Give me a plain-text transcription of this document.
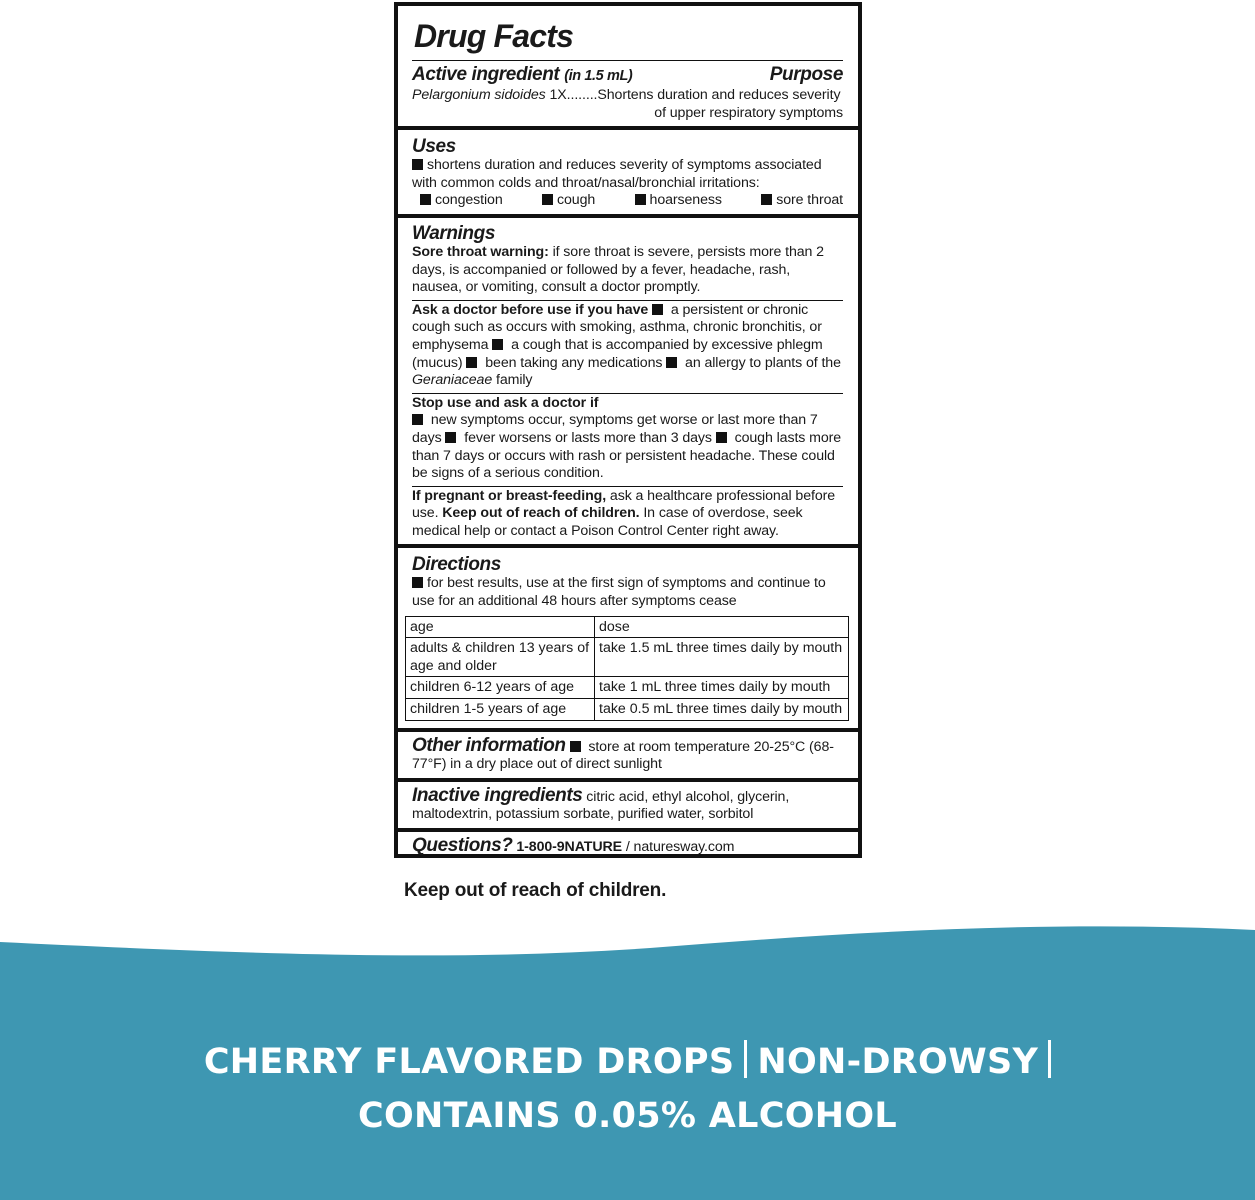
Drug Facts
Active ingredient (in 1.5 mL)	Purpose
Pelargonium sidoides 1X........Shortens duration and reduces severity
of upper respiratory symptoms
Uses
shortens duration and reduces severity of symptoms associated with common colds and throat/nasal/bronchial irritations:
congestion	cough	hoarseness	sore throat
Warnings
Sore throat warning: if sore throat is severe, persists more than 2 days, is accompanied or followed by a fever, headache, rash, nausea, or vomiting, consult a doctor promptly.
Ask a doctor before use if you have  a persistent or chronic cough such as occurs with smoking, asthma, chronic bronchitis, or emphysema  a cough that is accompanied by excessive phlegm (mucus)  been taking any medications  an allergy to plants of the Geraniaceae family
Stop use and ask a doctor if
new symptoms occur, symptoms get worse or last more than 7 days  fever worsens or lasts more than 3 days  cough lasts more than 7 days or occurs with rash or persistent headache. These could be signs of a serious condition.
If pregnant or breast-feeding, ask a healthcare professional before use. Keep out of reach of children. In case of overdose, seek medical help or contact a Poison Control Center right away.
Directions
for best results, use at the first sign of symptoms and continue to use for an additional 48 hours after symptoms cease
age	dose
adults & children 13 years of age and older	take 1.5 mL three times daily by mouth
children 6-12 years of age	take 1 mL three times daily by mouth
children 1-5 years of age	take 0.5 mL three times daily by mouth
Other information  store at room temperature 20-25°C (68-77°F) in a dry place out of direct sunlight
Inactive ingredients citric acid, ethyl alcohol, glycerin, maltodextrin, potassium sorbate, purified water, sorbitol
Questions? 1-800-9NATURE / naturesway.com
Keep out of reach of children.
CHERRY FLAVORED DROPS NON-DROWSY
CONTAINS 0.05% ALCOHOL
